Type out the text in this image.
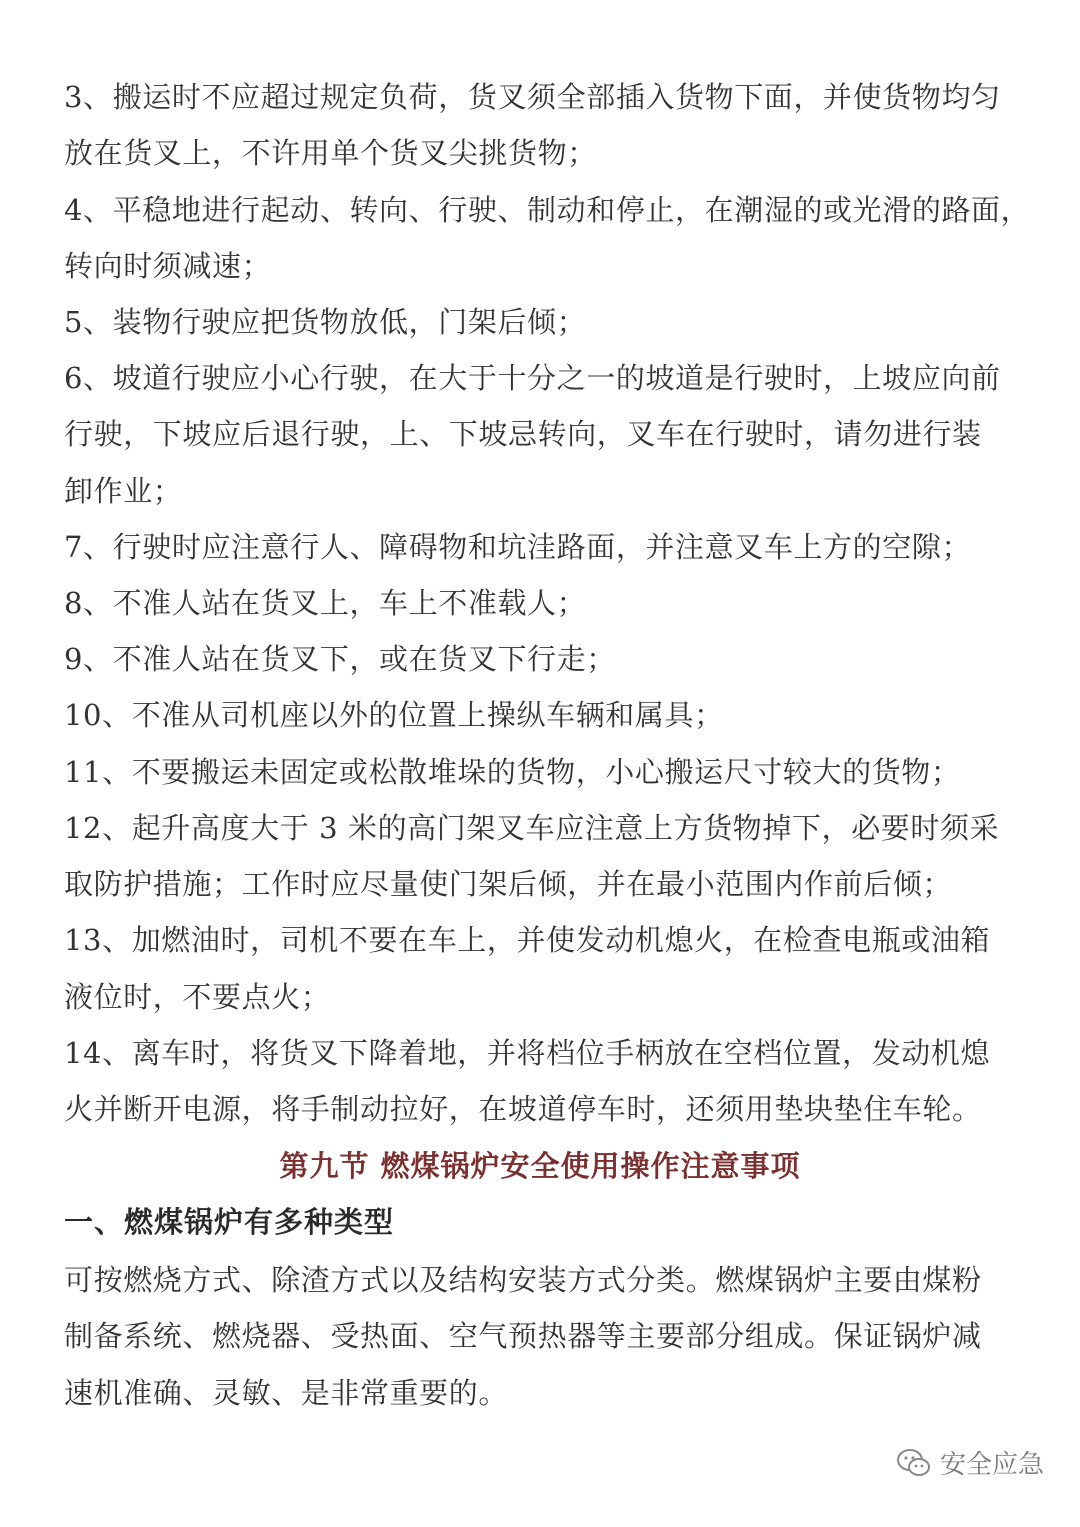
3、搬运时不应超过规定负荷，货叉须全部插入货物下面，并使货物均匀
放在货叉上，不许用单个货叉尖挑货物；
4、平稳地进行起动、转向、行驶、制动和停止，在潮湿的或光滑的路面，
转向时须减速；
5、装物行驶应把货物放低，门架后倾；
6、坡道行驶应小心行驶，在大于十分之一的坡道是行驶时，上坡应向前
行驶，下坡应后退行驶，上、下坡忌转向，叉车在行驶时，请勿进行装
卸作业；
7、行驶时应注意行人、障碍物和坑洼路面，并注意叉车上方的空隙；
8、不准人站在货叉上，车上不准载人；
9、不准人站在货叉下，或在货叉下行走；
10、不准从司机座以外的位置上操纵车辆和属具；
11、不要搬运未固定或松散堆垛的货物，小心搬运尺寸较大的货物；
12、起升高度大于 3 米的高门架叉车应注意上方货物掉下，必要时须采
取防护措施；工作时应尽量使门架后倾，并在最小范围内作前后倾；
13、加燃油时，司机不要在车上，并使发动机熄火，在检查电瓶或油箱
液位时，不要点火；
14、离车时，将货叉下降着地，并将档位手柄放在空档位置，发动机熄
火并断开电源，将手制动拉好，在坡道停车时，还须用垫块垫住车轮。
第九节 燃煤锅炉安全使用操作注意事项
一、燃煤锅炉有多种类型
可按燃烧方式、除渣方式以及结构安装方式分类。燃煤锅炉主要由煤粉
制备系统、燃烧器、受热面、空气预热器等主要部分组成。保证锅炉减
速机准确、灵敏、是非常重要的。
安全应急
